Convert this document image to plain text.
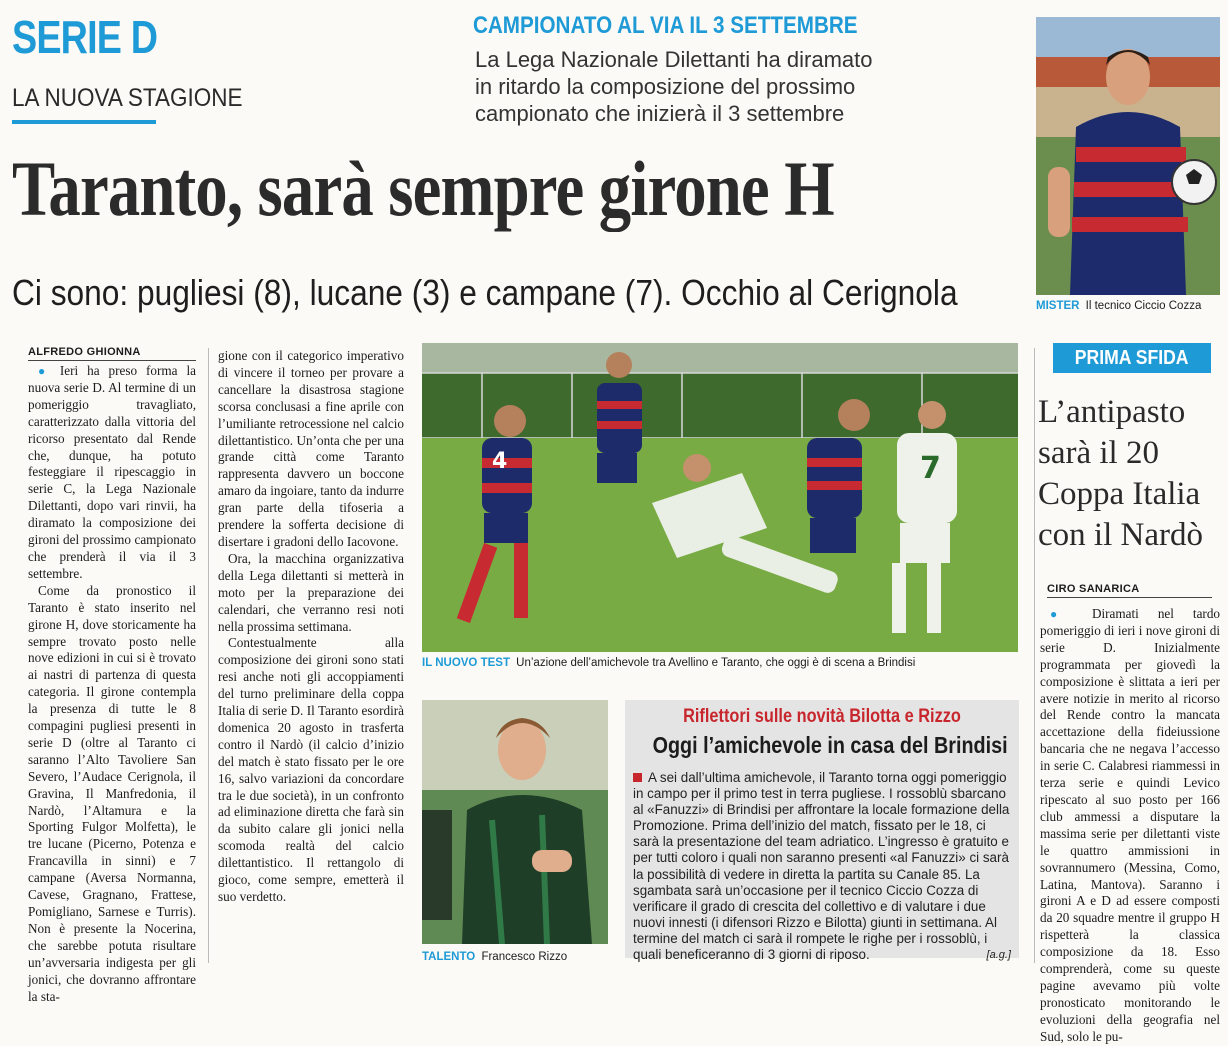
SERIE D
LA NUOVA STAGIONE
CAMPIONATO AL VIA IL 3 SETTEMBRE
La Lega Nazionale Dilettanti ha diramato in ritardo la composizione del prossimo campionato che inizierà il 3 settembre
Taranto, sarà sempre girone H
Ci sono: pugliesi (8), lucane (3) e campane (7). Occhio al Cerignola	MISTER Il tecnico Ciccio Cozza
ALFREDO GHIONNA

● Ieri ha preso forma la nuova serie D. Al termine di un pomeriggio travagliato, caratterizzato dalla vittoria del ricorso presentato dal Rende che, dunque, ha potuto festeggiare il ripescaggio in serie C, la Lega Nazionale Dilettanti, dopo vari rinvii, ha diramato la composizione dei gironi del prossimo campionato che prenderà il via il 3 settembre.

Come da pronostico il Taranto è stato inserito nel girone H, dove storicamente ha sempre trovato posto nelle nove edizioni in cui si è trovato ai nastri di partenza di questa categoria. Il girone contempla la presenza di tutte le 8 compagini pugliesi presenti in serie D (oltre al Taranto ci saranno l’Alto Tavoliere San Severo, l’Audace Cerignola, il Gravina, Il Manfredonia, il Nardò, l’Altamura e la Sporting Fulgor Molfetta), le tre lucane (Picerno, Potenza e Francavilla in sinni) e 7 campane (Aversa Normanna, Cavese, Gragnano, Frattese, Pomigliano, Sarnese e Turris). Non è presente la Nocerina, che sarebbe potuta risultare un’avversaria indigesta per gli jonici, che dovranno affrontare la sta-

gione con il categorico imperativo di vincere il torneo per provare a cancellare la disastrosa stagione scorsa conclusasi a fine aprile con l’umiliante retrocessione nel calcio dilettantistico. Un’onta che per una grande città come Taranto rappresenta davvero un boccone amaro da ingoiare, tanto da indurre gran parte della tifoseria a prendere la sofferta decisione di disertare i gradoni dello Iacovone.

Ora, la macchina organizzativa della Lega dilettanti si metterà in moto per la preparazione dei calendari, che verranno resi noti nella prossima settimana.

Contestualmente alla composizione dei gironi sono stati resi anche noti gli accoppiamenti del turno preliminare della coppa Italia di serie D. Il Taranto esordirà domenica 20 agosto in trasferta contro il Nardò (il calcio d’inizio del match è stato fissato per le ore 16, salvo variazioni da concordare tra le due società), in un confronto ad eliminazione diretta che farà sin da subito calare gli jonici nella scomoda realtà del calcio dilettantistico. Il rettangolo di gioco, come sempre, emetterà il suo verdetto.

4	7
IL NUOVO TEST Un’azione dell’amichevole tra Avellino e Taranto, che oggi è di scena a Brindisi
TALENTO Francesco Rizzo
Riflettori sulle novità Bilotta e Rizzo
Oggi l’amichevole in casa del Brindisi
A sei dall’ultima amichevole, il Taranto torna oggi pomeriggio in campo per il primo test in terra pugliese. I rossoblù sbarcano al «Fanuzzi» di Brindisi per affrontare la locale formazione della Promozione. Prima dell’inizio del match, fissato per le 18, ci sarà la presentazione del team adriatico. L’ingresso è gratuito e per tutti coloro i quali non saranno presenti «al Fanuzzi» ci sarà la possibilità di vedere in diretta la partita su Canale 85. La sgambata sarà un’occasione per il tecnico Ciccio Cozza di verificare il grado di crescita del collettivo e di valutare i due nuovi innesti (i difensori Rizzo e Bilotta) giunti in settimana. Al termine del match ci sarà il rompete le righe per i rossoblù, i quali beneficeranno di 3 giorni di riposo.	[a.g.]
PRIMA SFIDA
L’antipasto sarà il 20 Coppa Italia con il Nardò
CIRO SANARICA

● Diramati nel tardo pomeriggio di ieri i nove gironi di serie D. Inizialmente programmata per giovedì la composizione è slittata a ieri per avere notizie in merito al ricorso del Rende contro la mancata accettazione della fideiussione bancaria che ne negava l’accesso in serie C. Calabresi riammessi in terza serie e quindi Levico ripescato al suo posto per 166 club ammessi a disputare la massima serie per dilettanti viste le quattro ammissioni in sovrannumero (Messina, Como, Latina, Mantova). Saranno i gironi A e D ad essere composti da 20 squadre mentre il gruppo H rispetterà la classica composizione da 18. Esso comprenderà, come su queste pagine avevamo più volte pronosticato monitorando le evoluzioni della geografia nel Sud, solo le pu-
